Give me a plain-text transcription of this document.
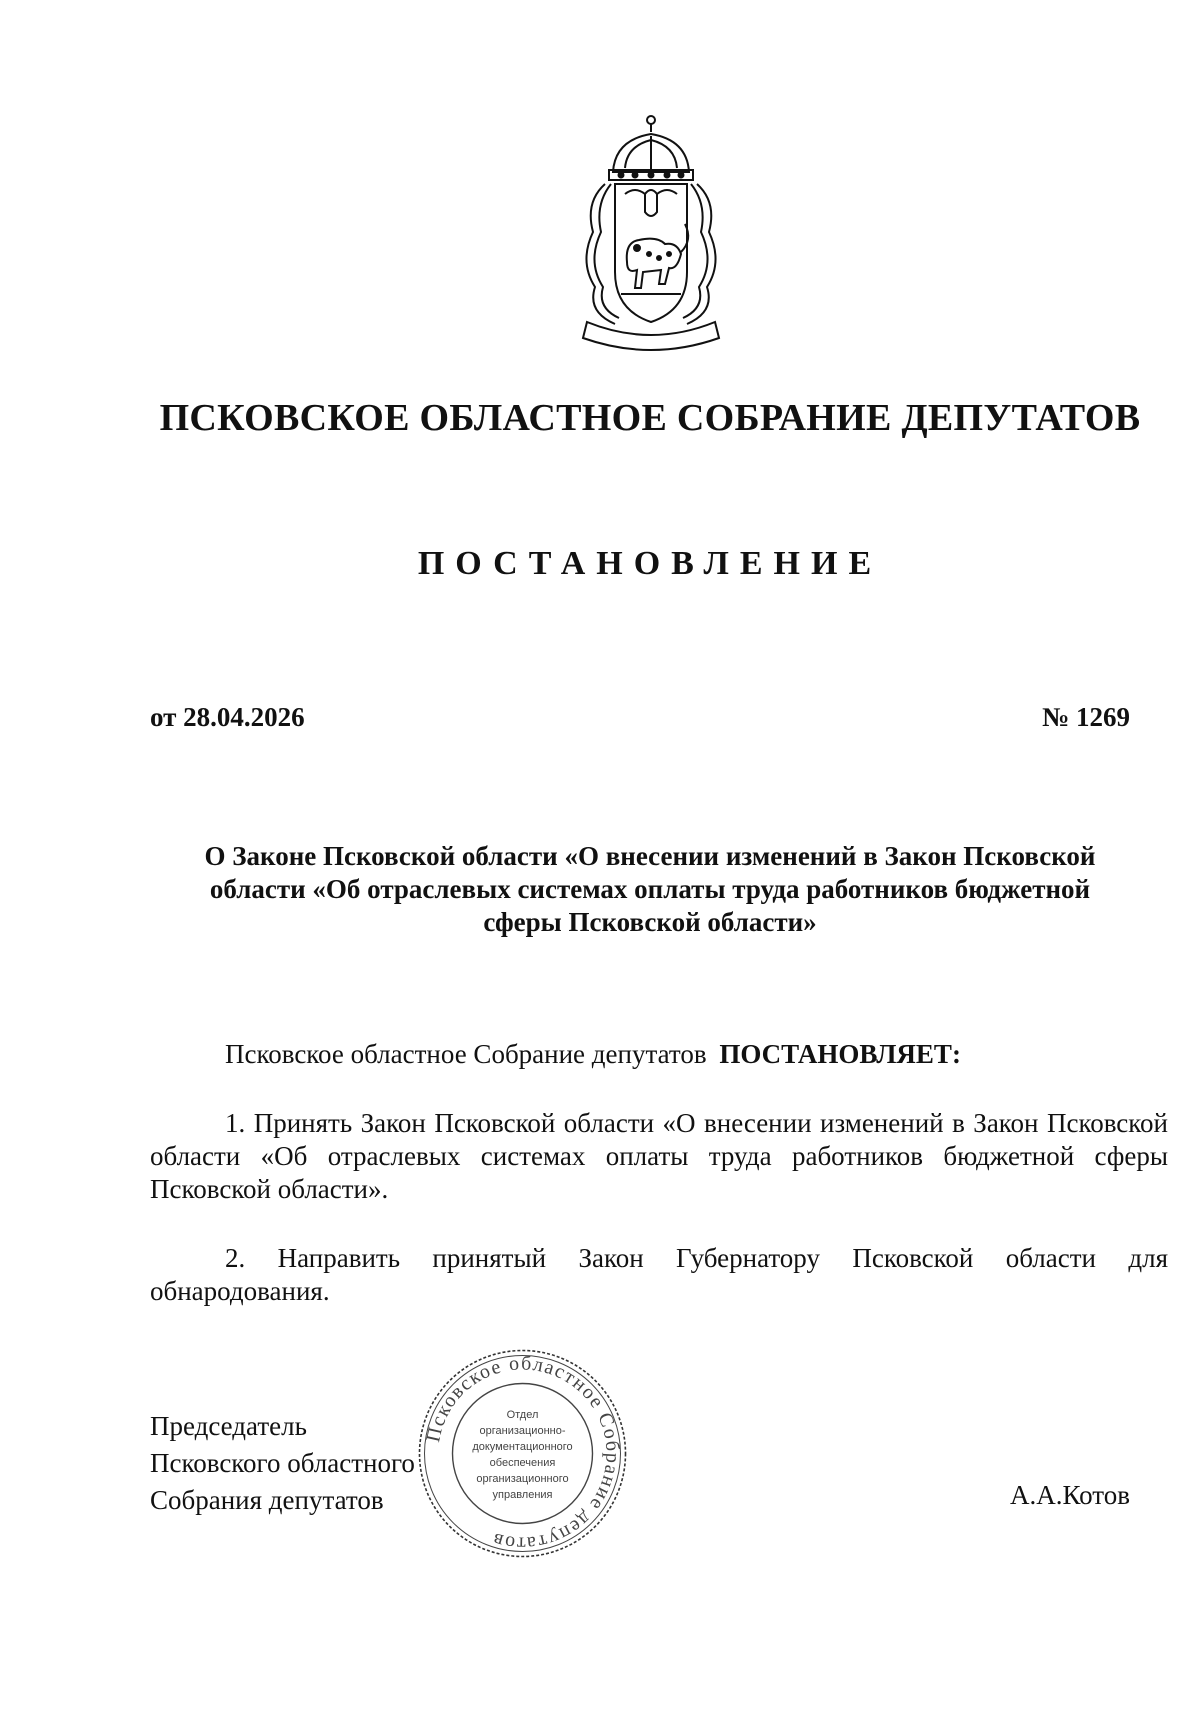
ПСКОВСКОЕ ОБЛАСТНОЕ СОБРАНИЕ ДЕПУТАТОВ
ПОСТАНОВЛЕНИЕ
от 28.04.2026	№ 1269
О Законе Псковской области «О внесении изменений в Закон Псковской
области «Об отраслевых системах оплаты труда работников бюджетной
сферы Псковской области»
Псковское областное Собрание депутатов ПОСТАНОВЛЯЕТ:
1. Принять Закон Псковской области «О внесении изменений в Закон Псковской области «Об отраслевых системах оплаты труда работников бюджетной сферы Псковской области».
2. Направить принятый Закон Губернатору Псковской области для обнародования.
Председатель
Псковского областного
Собрания депутатов	А.А.Котов
Псковское областное Собрание депутатов
Отдел
организационно-
документационного
обеспечения
организационного
управления
